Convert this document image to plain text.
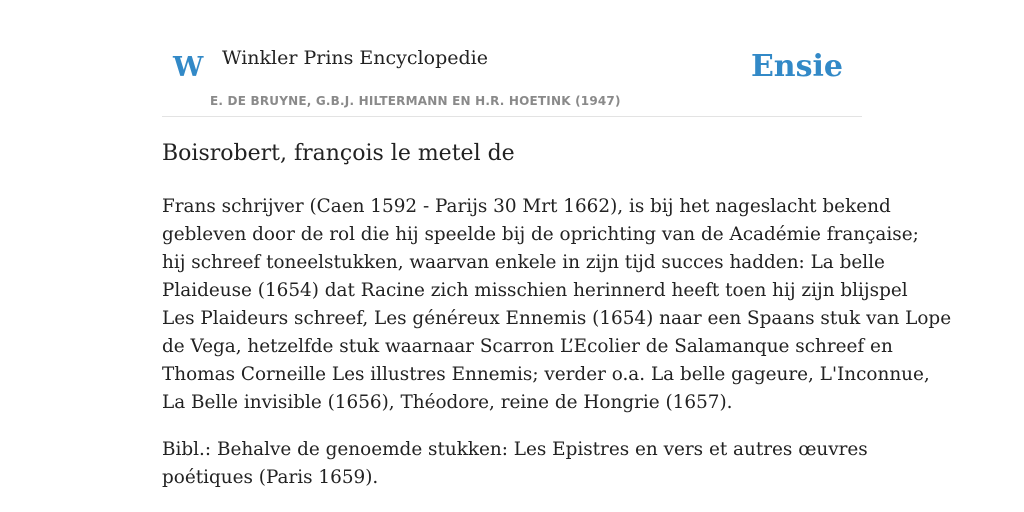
W Winkler Prins Encyclopedie
E. DE BRUYNE, G.B.J. HILTERMANN EN H.R. HOETINK (1947)
Ensie
Boisrobert, françois le metel de
Frans schrijver (Caen 1592 - Parijs 30 Mrt 1662), is bij het nageslacht bekend
gebleven door de rol die hij speelde bij de oprichting van de Académie française;
hij schreef toneelstukken, waarvan enkele in zijn tijd succes hadden: La belle
Plaideuse (1654) dat Racine zich misschien herinnerd heeft toen hij zijn blijspel
Les Plaideurs schreef, Les généreux Ennemis (1654) naar een Spaans stuk van Lope
de Vega, hetzelfde stuk waarnaar Scarron L’Ecolier de Salamanque schreef en
Thomas Corneille Les illustres Ennemis; verder o.a. La belle gageure, L'Inconnue,
La Belle invisible (1656), Théodore, reine de Hongrie (1657).
Bibl.: Behalve de genoemde stukken: Les Epistres en vers et autres œuvres
poétiques (Paris 1659).
